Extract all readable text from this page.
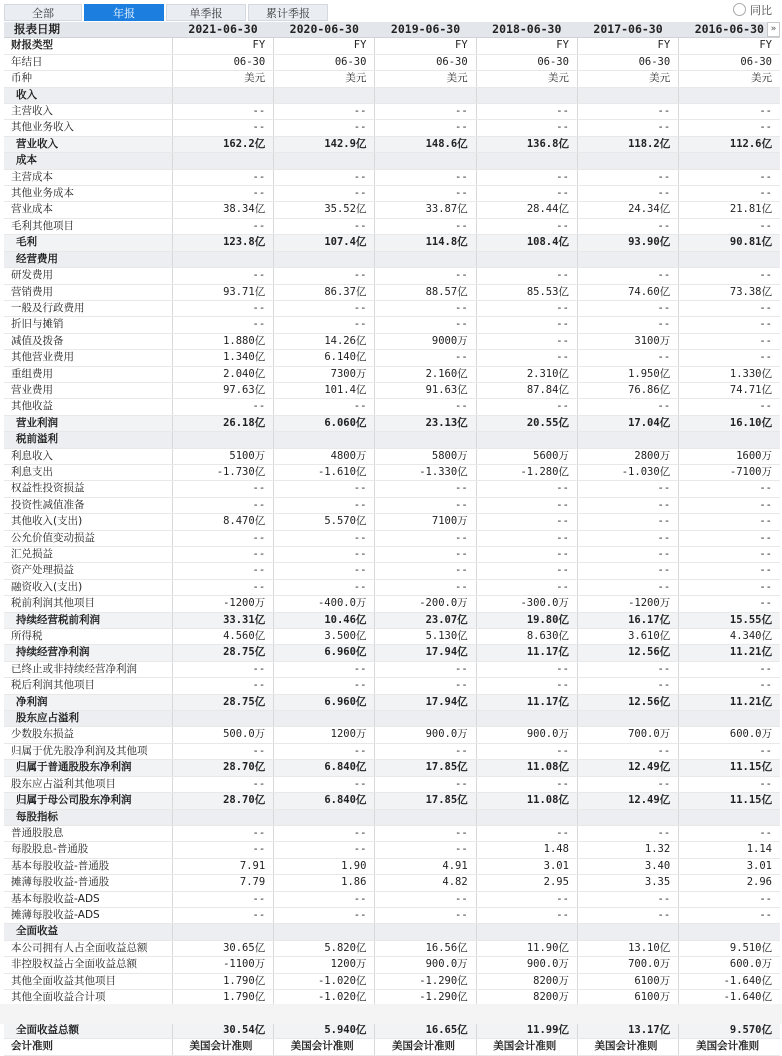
全部	年报	单季报	累计季报	同比
报表日期	2021-06-30	2020-06-30	2019-06-30	2018-06-30	2017-06-30	2016-06-30 »

财报类型	FY	FY	FY	FY	FY	FY
年结日	06-30	06-30	06-30	06-30	06-30	06-30
币种	美元	美元	美元	美元	美元	美元
收入						
主营收入	--	--	--	--	--	--
其他业务收入	--	--	--	--	--	--
营业收入	162.2亿	142.9亿	148.6亿	136.8亿	118.2亿	112.6亿
成本						
主营成本	--	--	--	--	--	--
其他业务成本	--	--	--	--	--	--
营业成本	38.34亿	35.52亿	33.87亿	28.44亿	24.34亿	21.81亿
毛利其他项目	--	--	--	--	--	--
毛利	123.8亿	107.4亿	114.8亿	108.4亿	93.90亿	90.81亿
经营费用						
研发费用	--	--	--	--	--	--
营销费用	93.71亿	86.37亿	88.57亿	85.53亿	74.60亿	73.38亿
一般及行政费用	--	--	--	--	--	--
折旧与摊销	--	--	--	--	--	--
减值及拨备	1.880亿	14.26亿	9000万	--	3100万	--
其他营业费用	1.340亿	6.140亿	--	--	--	--
重组费用	2.040亿	7300万	2.160亿	2.310亿	1.950亿	1.330亿
营业费用	97.63亿	101.4亿	91.63亿	87.84亿	76.86亿	74.71亿
其他收益	--	--	--	--	--	--
营业利润	26.18亿	6.060亿	23.13亿	20.55亿	17.04亿	16.10亿
税前溢利						
利息收入	5100万	4800万	5800万	5600万	2800万	1600万
利息支出	-1.730亿	-1.610亿	-1.330亿	-1.280亿	-1.030亿	-7100万
权益性投资损益	--	--	--	--	--	--
投资性减值准备	--	--	--	--	--	--
其他收入(支出)	8.470亿	5.570亿	7100万	--	--	--
公允价值变动损益	--	--	--	--	--	--
汇兑损益	--	--	--	--	--	--
资产处理损益	--	--	--	--	--	--
融资收入(支出)	--	--	--	--	--	--
税前利润其他项目	-1200万	-400.0万	-200.0万	-300.0万	-1200万	--
持续经营税前利润	33.31亿	10.46亿	23.07亿	19.80亿	16.17亿	15.55亿
所得税	4.560亿	3.500亿	5.130亿	8.630亿	3.610亿	4.340亿
持续经营净利润	28.75亿	6.960亿	17.94亿	11.17亿	12.56亿	11.21亿
已终止或非持续经营净利润	--	--	--	--	--	--
税后利润其他项目	--	--	--	--	--	--
净利润	28.75亿	6.960亿	17.94亿	11.17亿	12.56亿	11.21亿
股东应占溢利						
少数股东损益	500.0万	1200万	900.0万	900.0万	700.0万	600.0万
归属于优先股净利润及其他项	--	--	--	--	--	--
归属于普通股股东净利润	28.70亿	6.840亿	17.85亿	11.08亿	12.49亿	11.15亿
股东应占溢利其他项目	--	--	--	--	--	--
归属于母公司股东净利润	28.70亿	6.840亿	17.85亿	11.08亿	12.49亿	11.15亿
每股指标						
普通股股息	--	--	--	--	--	--
每股股息-普通股	--	--	--	1.48	1.32	1.14
基本每股收益-普通股	7.91	1.90	4.91	3.01	3.40	3.01
摊薄每股收益-普通股	7.79	1.86	4.82	2.95	3.35	2.96
基本每股收益-ADS	--	--	--	--	--	--
摊薄每股收益-ADS	--	--	--	--	--	--
全面收益						
本公司拥有人占全面收益总额	30.65亿	5.820亿	16.56亿	11.90亿	13.10亿	9.510亿
非控股权益占全面收益总额	-1100万	1200万	900.0万	900.0万	700.0万	600.0万
其他全面收益其他项目	1.790亿	-1.020亿	-1.290亿	8200万	6100万	-1.640亿
其他全面收益合计项	1.790亿	-1.020亿	-1.290亿	8200万	6100万	-1.640亿

全面收益总额	30.54亿	5.940亿	16.65亿	11.99亿	13.17亿	9.570亿
会计准则	美国会计准则	美国会计准则	美国会计准则	美国会计准则	美国会计准则	美国会计准则
